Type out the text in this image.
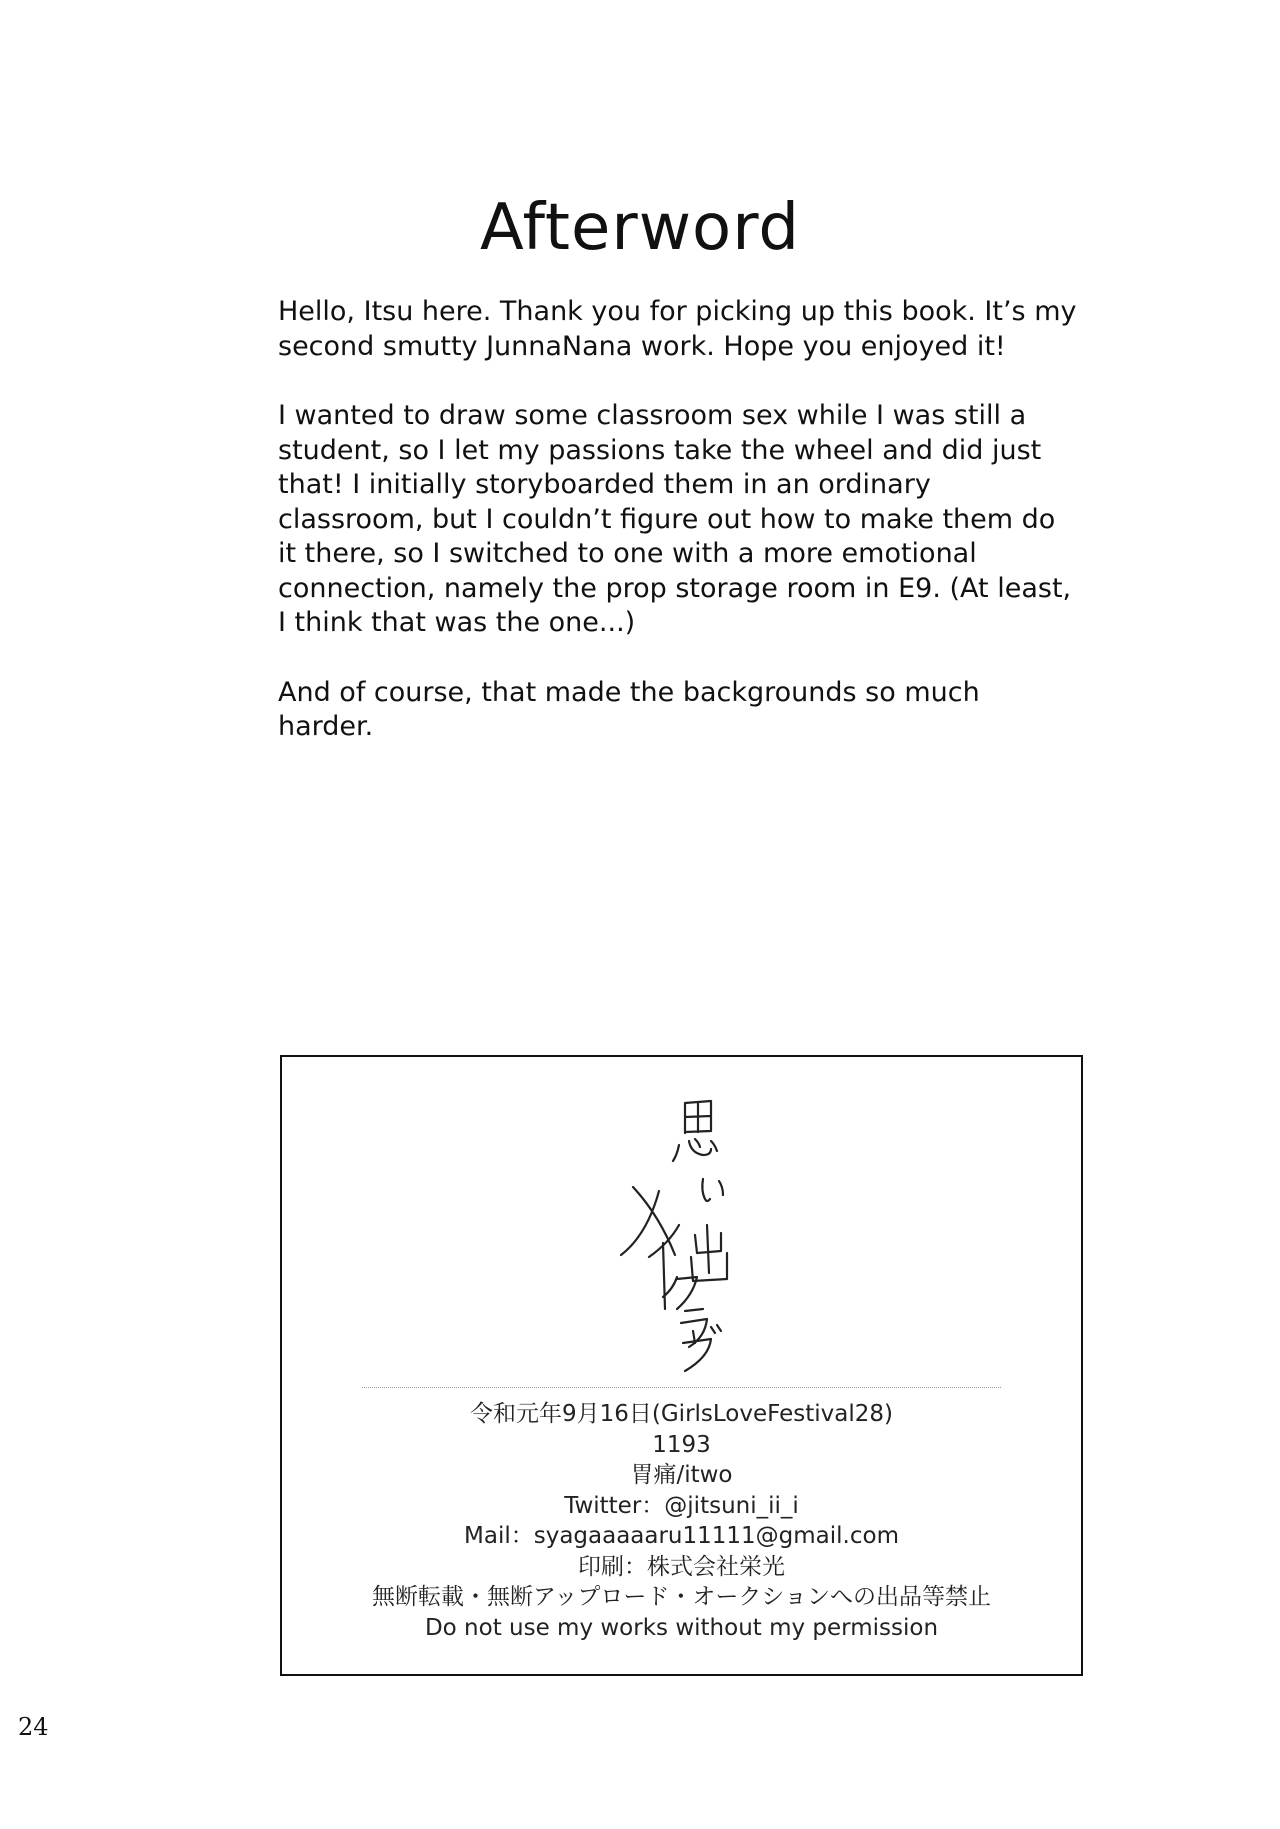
Afterword

Hello, Itsu here. Thank you for picking up this book. It’s my second smutty JunnaNana work. Hope you enjoyed it!

I wanted to draw some classroom sex while I was still a student, so I let my passions take the wheel and did just that! I initially storyboarded them in an ordinary classroom, but I couldn’t figure out how to make them do it there, so I switched to one with a more emotional connection, namely the prop storage room in E9. (At least, I think that was the one...)

And of course, that made the backgrounds so much harder.

令和元年9月16日(GirlsLoveFestival28)
1193
胃痛/itwo
Twitter：@jitsuni_ii_i
Mail：syagaaaaaru11111@gmail.com
印刷：株式会社栄光
無断転載・無断アップロード・オークションへの出品等禁止
Do not use my works without my permission
24
